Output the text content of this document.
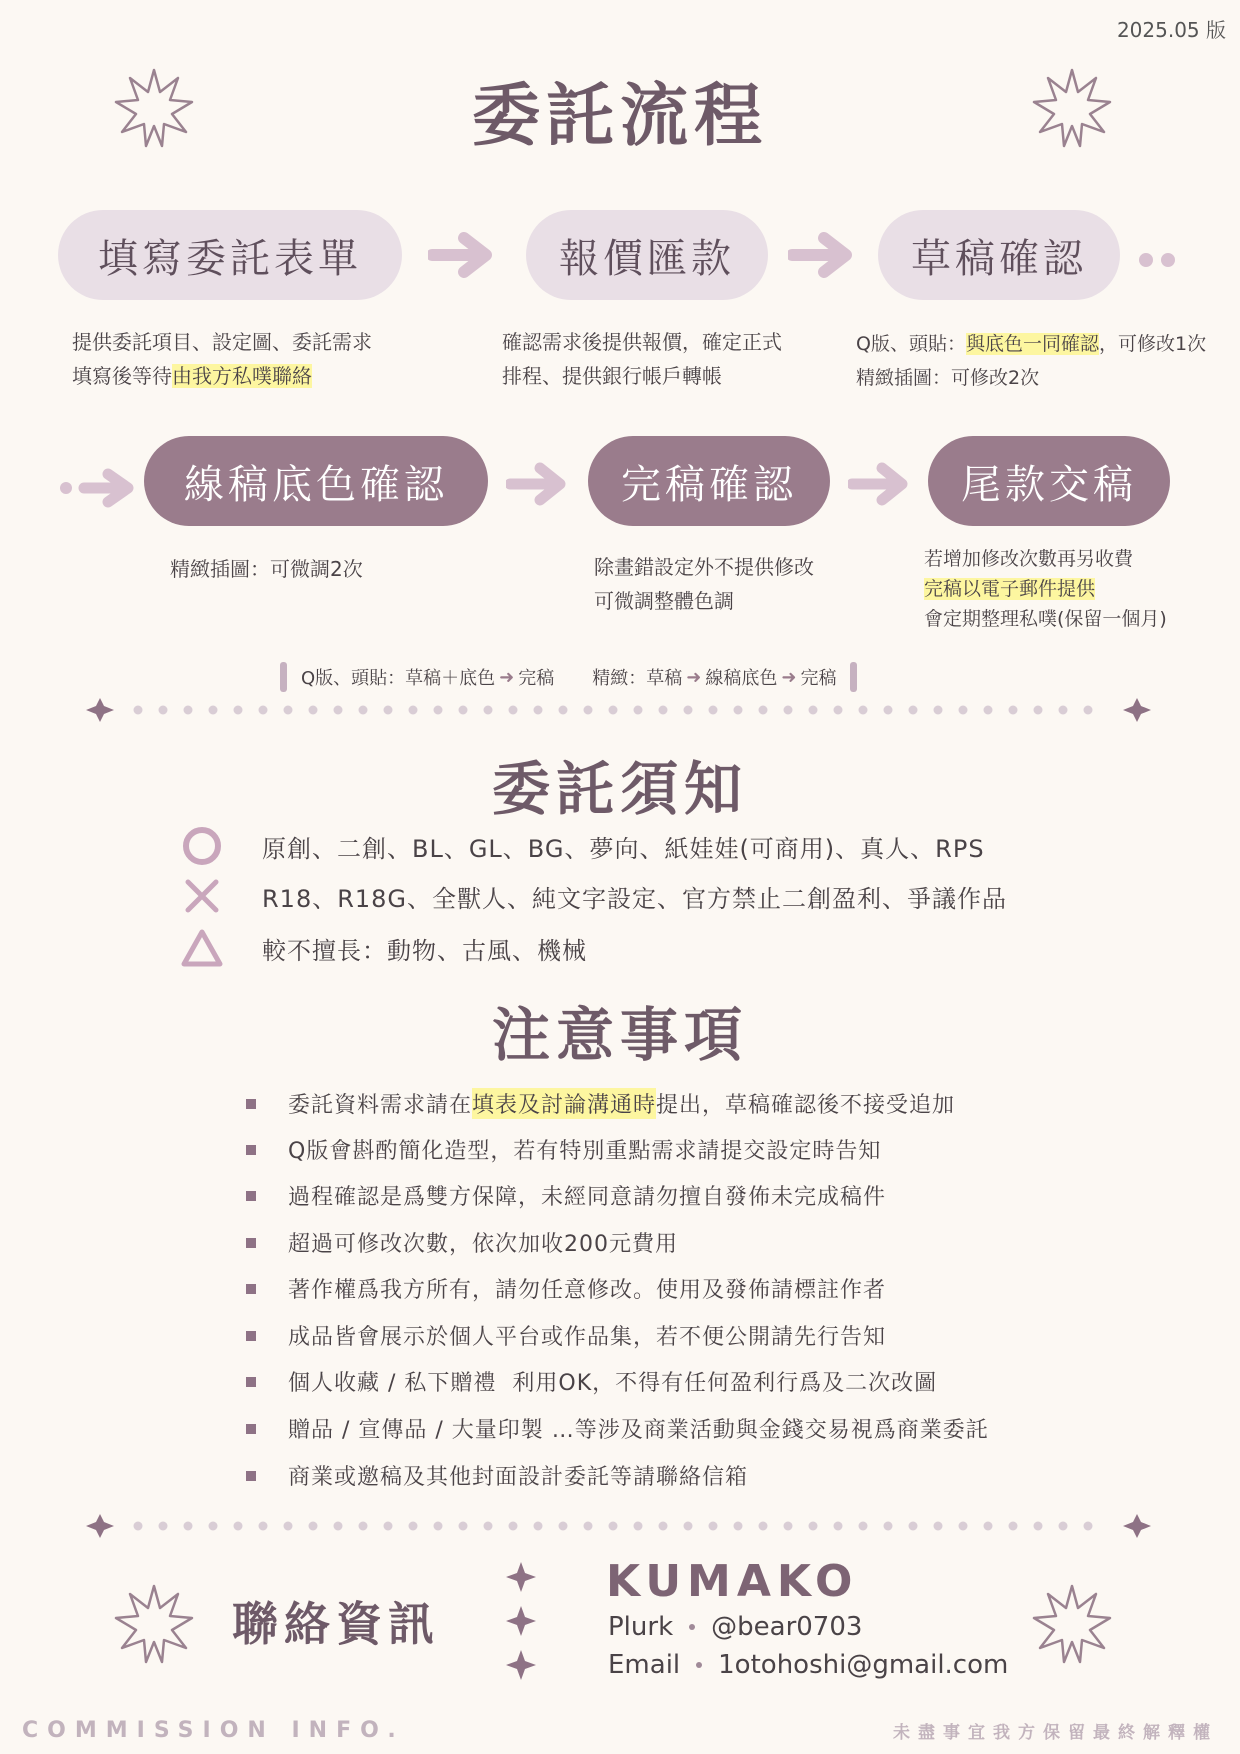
2025.05 版
委託流程
填寫委託表單	報價匯款	草稿確認
提供委託項目、設定圖、委託需求
填寫後等待由我方私噗聯絡
確認需求後提供報價，確定正式
排程、提供銀行帳戶轉帳
Q版、頭貼：與底色一同確認，可修改1次
精緻插圖：可修改2次
線稿底色確認	完稿確認	尾款交稿
精緻插圖：可微調2次	除畫錯設定外不提供修改
可微調整體色調
若增加修改次數再另收費
完稿以電子郵件提供
會定期整理私噗(保留一個月)
Q版、頭貼：草稿＋底色 ➜ 完稿 精緻：草稿 ➜ 線稿底色 ➜ 完稿
委託須知
原創、二創、BL、GL、BG、夢向、紙娃娃(可商用)、真人、RPS
R18、R18G、全獸人、純文字設定、官方禁止二創盈利、爭議作品
較不擅長：動物、古風、機械
注意事項
委託資料需求請在 填表及討論溝通時 提出，草稿確認後不接受追加
Q版會斟酌簡化造型，若有特別重點需求請提交設定時告知
過程確認是爲雙方保障，未經同意請勿擅自發佈未完成稿件
超過可修改次數，依次加收200元費用
著作權爲我方所有，請勿任意修改。使用及發佈請標註作者
成品皆會展示於個人平台或作品集，若不便公開請先行告知
個人收藏 / 私下贈禮  利用OK，不得有任何盈利行爲及二次改圖
贈品 / 宣傳品 / 大量印製 …等涉及商業活動與金錢交易視爲商業委託
商業或邀稿及其他封面設計委託等請聯絡信箱
聯絡資訊
KUMAKO
Plurk @bear0703
Email 1otohoshi@gmail.com
COMMISSION INFO.	未盡事宜我方保留最終解釋權
